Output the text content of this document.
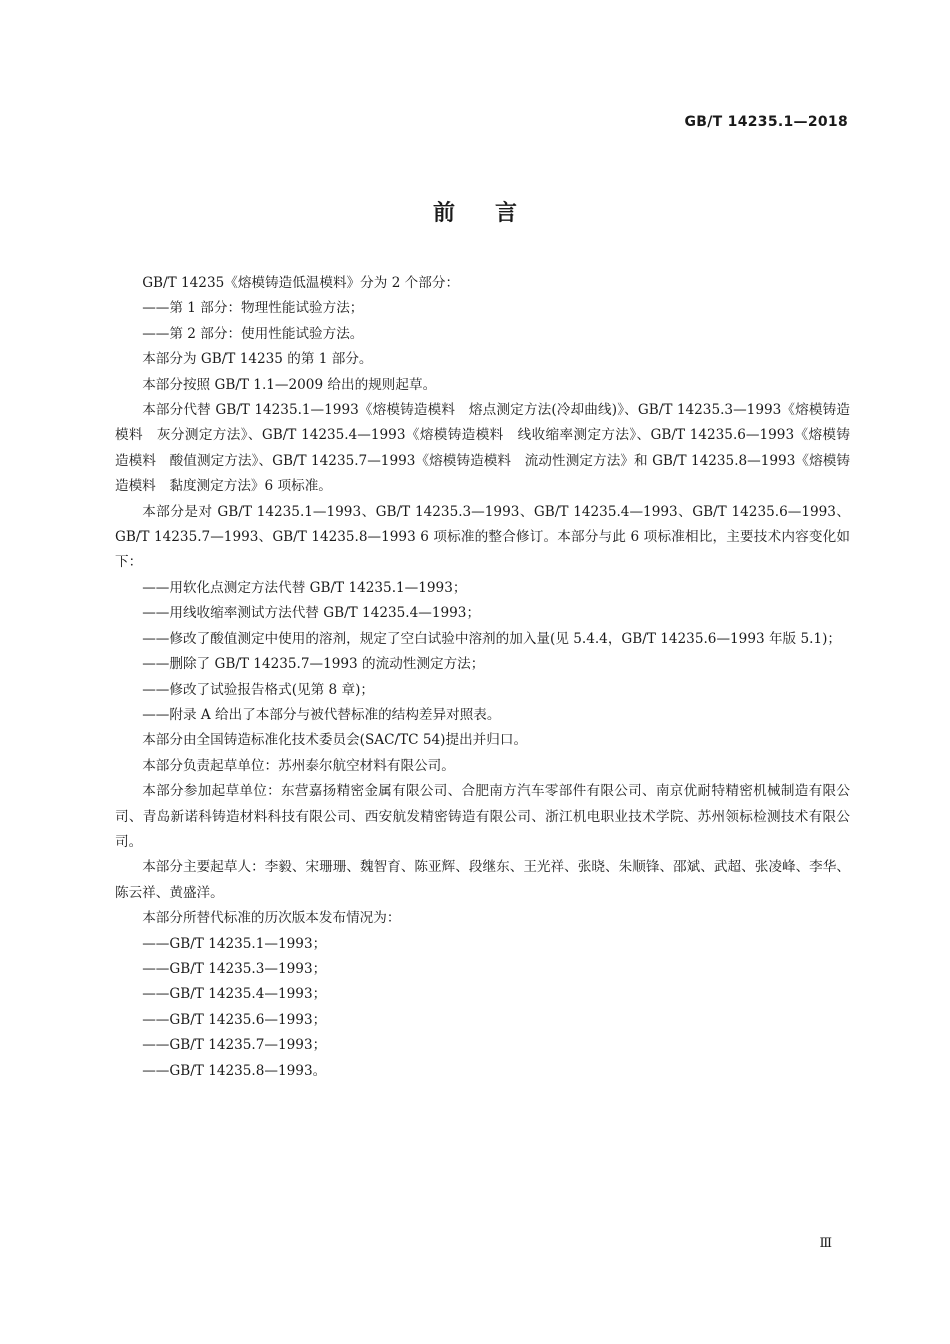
GB/T 14235.1—2018
前言

GB/T 14235《熔模铸造低温模料》分为 2 个部分：

——第 1 部分：物理性能试验方法；

——第 2 部分：使用性能试验方法。

本部分为 GB/T 14235 的第 1 部分。

本部分按照 GB/T 1.1—2009 给出的规则起草。

本部分代替 GB/T 14235.1—1993《熔模铸造模料　熔点测定方法(冷却曲线)》、GB/T 14235.3—1993《熔模铸造模料　灰分测定方法》、GB/T 14235.4—1993《熔模铸造模料　线收缩率测定方法》、GB/T 14235.6—1993《熔模铸造模料　酸值测定方法》、GB/T 14235.7—1993《熔模铸造模料　流动性测定方法》和 GB/T 14235.8—1993《熔模铸造模料　黏度测定方法》6 项标准。

本部分是对 GB/T 14235.1—1993、GB/T 14235.3—1993、GB/T 14235.4—1993、GB/T 14235.6—1993、GB/T 14235.7—1993、GB/T 14235.8—1993 6 项标准的整合修订。本部分与此 6 项标准相比，主要技术内容变化如下：

——用软化点测定方法代替 GB/T 14235.1—1993；

——用线收缩率测试方法代替 GB/T 14235.4—1993；

——修改了酸值测定中使用的溶剂，规定了空白试验中溶剂的加入量(见 5.4.4，GB/T 14235.6—1993 年版 5.1)；

——删除了 GB/T 14235.7—1993 的流动性测定方法；

——修改了试验报告格式(见第 8 章)；

——附录 A 给出了本部分与被代替标准的结构差异对照表。

本部分由全国铸造标准化技术委员会(SAC/TC 54)提出并归口。

本部分负责起草单位：苏州泰尔航空材料有限公司。

本部分参加起草单位：东营嘉扬精密金属有限公司、合肥南方汽车零部件有限公司、南京优耐特精密机械制造有限公司、青岛新诺科铸造材料科技有限公司、西安航发精密铸造有限公司、浙江机电职业技术学院、苏州领标检测技术有限公司。

本部分主要起草人：李毅、宋珊珊、魏智育、陈亚辉、段继东、王光祥、张晓、朱顺锋、邵斌、武超、张凌峰、李华、陈云祥、黄盛洋。

本部分所替代标准的历次版本发布情况为：

——GB/T 14235.1—1993；

——GB/T 14235.3—1993；

——GB/T 14235.4—1993；

——GB/T 14235.6—1993；

——GB/T 14235.7—1993；

——GB/T 14235.8—1993。

Ⅲ
